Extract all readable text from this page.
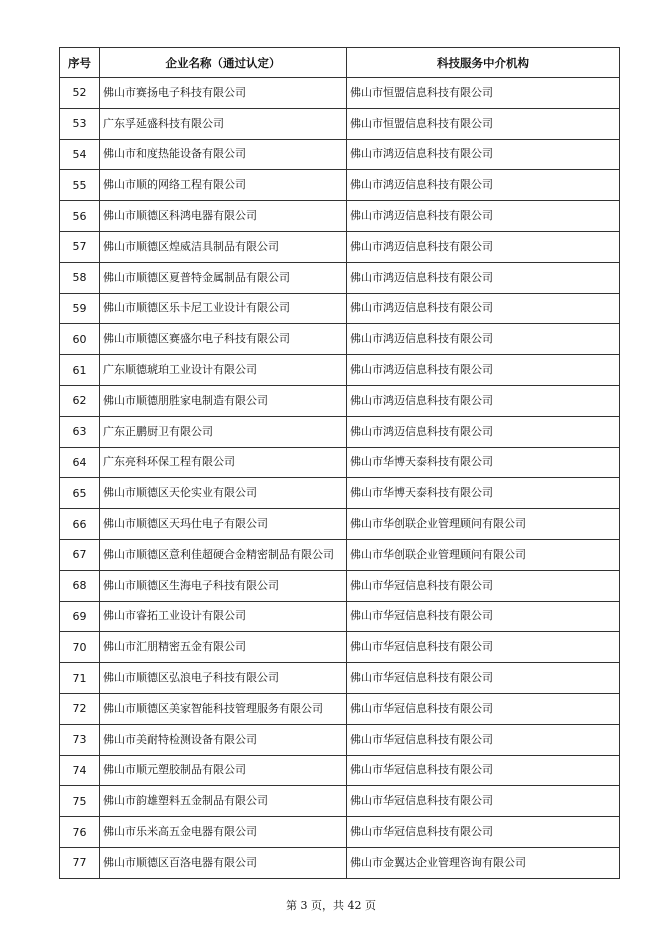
序号	企业名称（通过认定）	科技服务中介机构
52	佛山市赛扬电子科技有限公司	佛山市恒盟信息科技有限公司
53	广东孚延盛科技有限公司	佛山市恒盟信息科技有限公司
54	佛山市和度热能设备有限公司	佛山市鸿迈信息科技有限公司
55	佛山市顺的网络工程有限公司	佛山市鸿迈信息科技有限公司
56	佛山市顺德区科鸿电器有限公司	佛山市鸿迈信息科技有限公司
57	佛山市顺德区煌威洁具制品有限公司	佛山市鸿迈信息科技有限公司
58	佛山市顺德区夏普特金属制品有限公司	佛山市鸿迈信息科技有限公司
59	佛山市顺德区乐卡尼工业设计有限公司	佛山市鸿迈信息科技有限公司
60	佛山市顺德区赛盛尔电子科技有限公司	佛山市鸿迈信息科技有限公司
61	广东顺德琥珀工业设计有限公司	佛山市鸿迈信息科技有限公司
62	佛山市顺德朋胜家电制造有限公司	佛山市鸿迈信息科技有限公司
63	广东正鹏厨卫有限公司	佛山市鸿迈信息科技有限公司
64	广东亮科环保工程有限公司	佛山市华博天泰科技有限公司
65	佛山市顺德区天伦实业有限公司	佛山市华博天泰科技有限公司
66	佛山市顺德区天玛仕电子有限公司	佛山市华创联企业管理顾问有限公司
67	佛山市顺德区意利佳超硬合金精密制品有限公司	佛山市华创联企业管理顾问有限公司
68	佛山市顺德区生海电子科技有限公司	佛山市华冠信息科技有限公司
69	佛山市睿拓工业设计有限公司	佛山市华冠信息科技有限公司
70	佛山市汇朋精密五金有限公司	佛山市华冠信息科技有限公司
71	佛山市顺德区弘浪电子科技有限公司	佛山市华冠信息科技有限公司
72	佛山市顺德区美家智能科技管理服务有限公司	佛山市华冠信息科技有限公司
73	佛山市美耐特检测设备有限公司	佛山市华冠信息科技有限公司
74	佛山市顺元塑胶制品有限公司	佛山市华冠信息科技有限公司
75	佛山市韵雄塑料五金制品有限公司	佛山市华冠信息科技有限公司
76	佛山市乐米高五金电器有限公司	佛山市华冠信息科技有限公司
77	佛山市顺德区百洛电器有限公司	佛山市金翼达企业管理咨询有限公司
第 3 页，共 42 页
